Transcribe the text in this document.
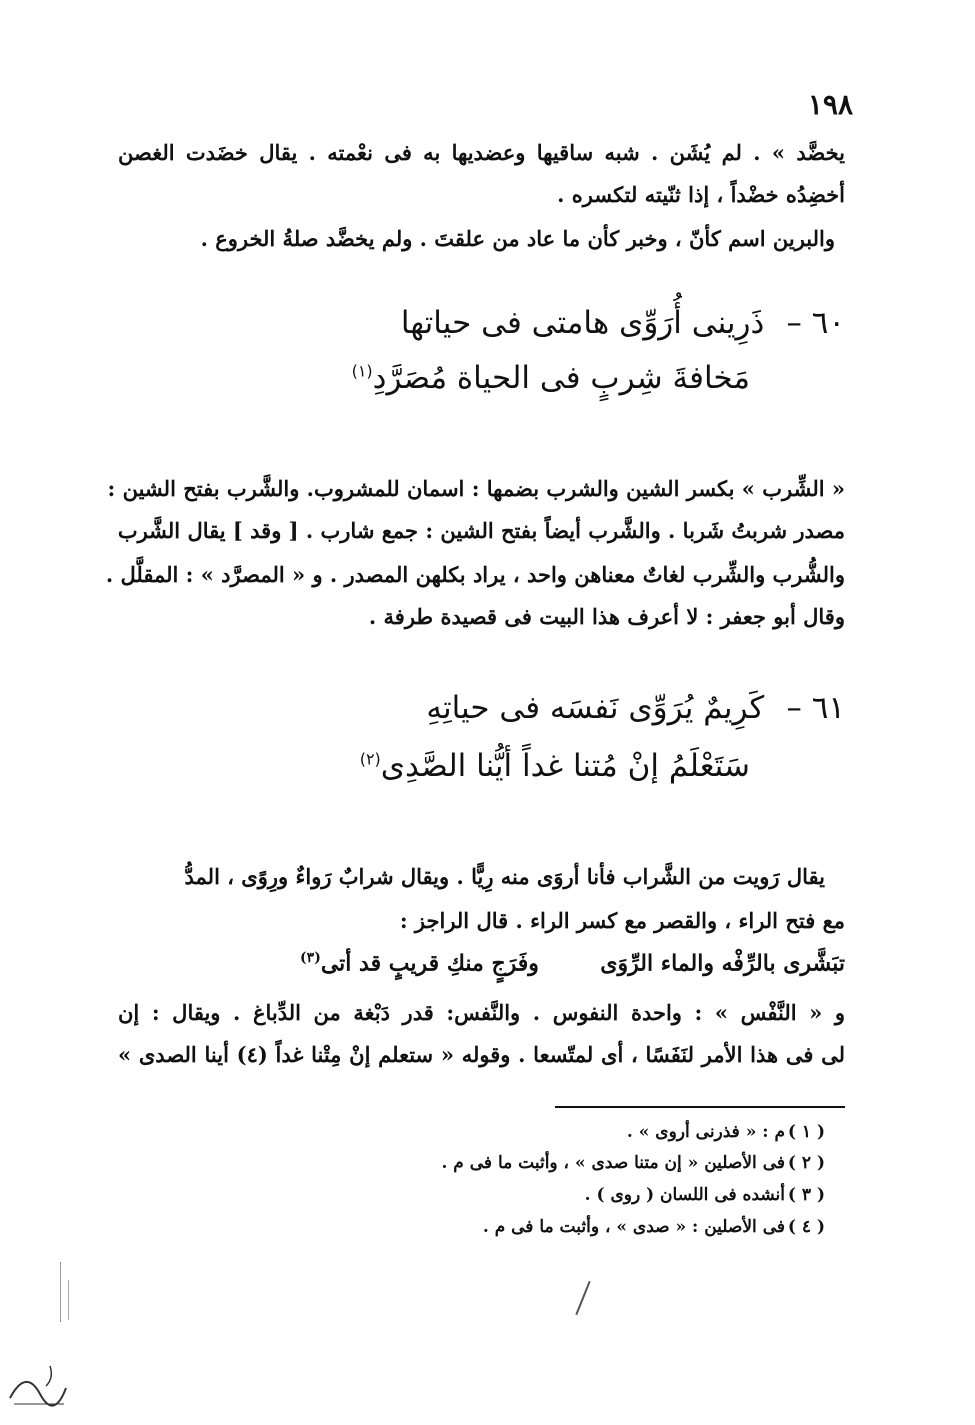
١٩٨
يخضَّد » . لم يُشَن . شبه ساقيها وعضديها به فى نعْمته . يقال خضَدت الغصن
أخضِدُه خضْداً ، إذا ثنّيته لتكسره .
والبرين اسم كأنّ ، وخبر كأن ما عاد من علقتَ . ولم يخضَّد صلةُ الخروع .
٦٠ –ذَرِينى أُرَوِّى هامتى فى حياتها
مَخافةَ شِربٍ فى الحياة مُصَرَّدِ$^{(١)}$
« الشِّرب » بكسر الشين والشرب بضمها : اسمان للمشروب. والشَّرب بفتح الشين :
مصدر شربتُ شَربا . والشَّرب أيضاً بفتح الشين : جمع شارب . [ وقد ] يقال الشَّرب
والشُّرب والشِّرب لغاتٌ معناهن واحد ، يراد بكلهن المصدر . و « المصرَّد » : المقلَّل .
وقال أبو جعفر : لا أعرف هذا البيت فى قصيدة طرفة .
٦١ –كَرِيمٌ يُرَوِّى نَفسَه فى حياتِهِ
سَتَعْلَمُ إنْ مُتنا غداً أيُّنا الصَّدِى$^{(٢)}$
يقال رَويت من الشَّراب فأنا أروَى منه رِيًّا . ويقال شرابٌ رَواءٌ ورِوًى ، المدُّ
مع فتح الراء ، والقصر مع كسر الراء . قال الراجز :
تبَشَّرى بالرِّفْه والماء الرِّوَى  وفَرَجٍ منكِ قريبٍ قد أتى$^{(٣)}$
و « النَّفْس » : واحدة النفوس . والنَّفس: قدر دَبْغة من الدِّباغ . ويقال : إن
لى فى هذا الأمر لنَفَسًا ، أى لمتّسعا . وقوله « ستعلم إنْ مِتْنا غداً (٤) أينا الصدى »
( ١ )م : « فذرنى أروى » .
( ٢ )فى الأصلين « إن متنا صدى » ، وأثبت ما فى م .
( ٣ )أنشده فى اللسان ( روى ) .
( ٤ )فى الأصلين : « صدى » ، وأثبت ما فى م .
